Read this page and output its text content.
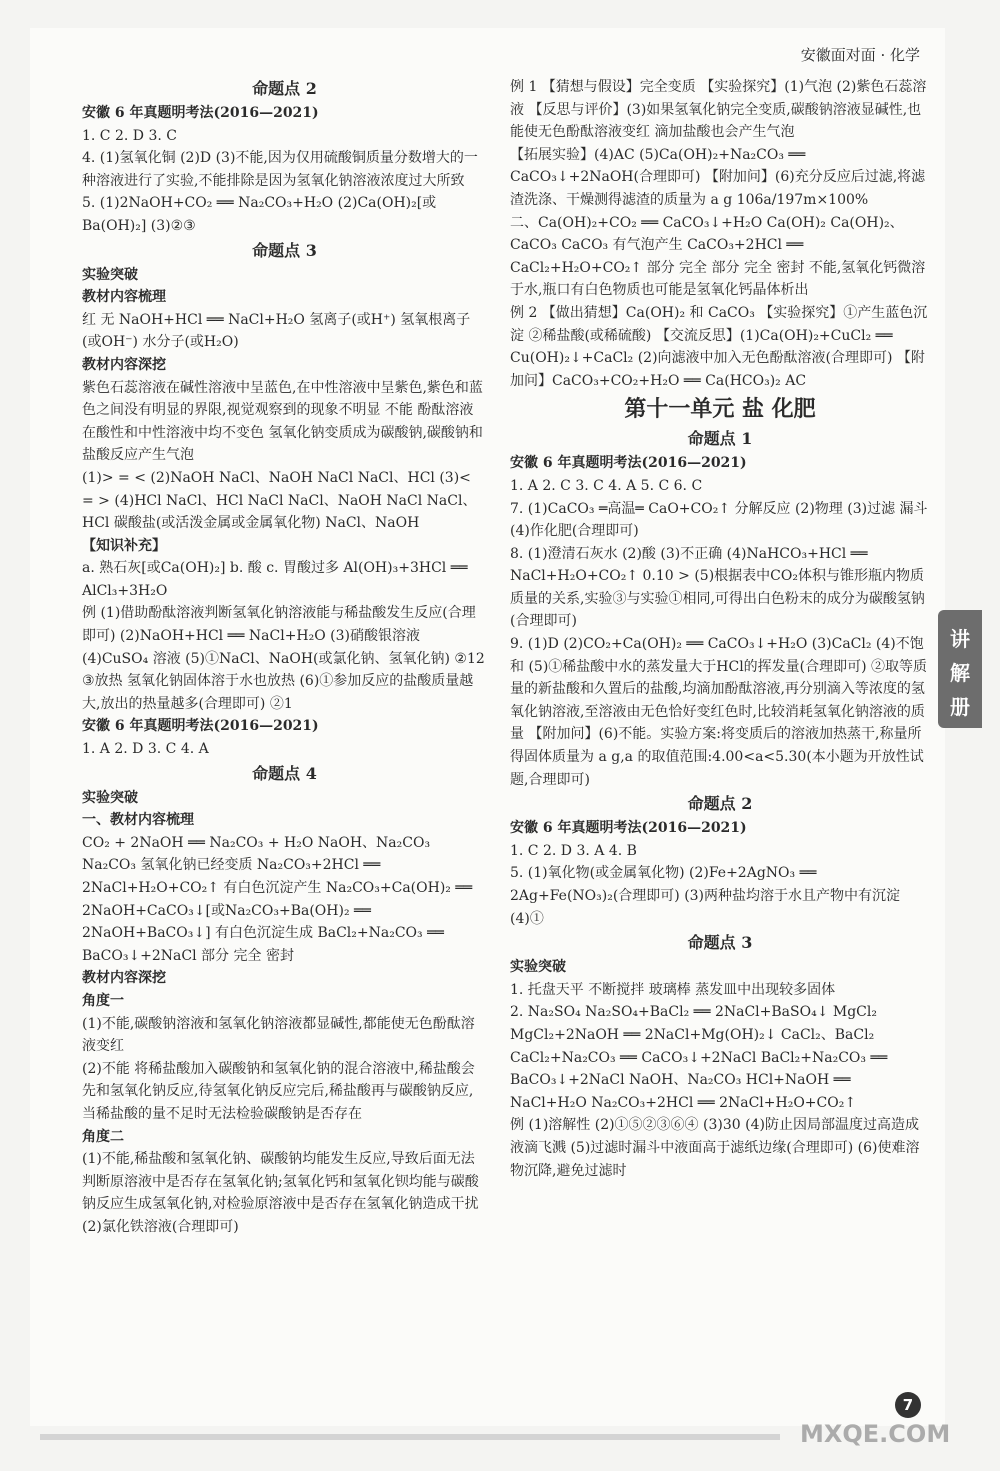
安徽面对面 · 化学

命题点 2

安徽 6 年真题明考法(2016—2021)

1. C 2. D 3. C

4. (1)氢氧化铜 (2)D (3)不能,因为仅用硫酸铜质量分数增大的一种溶液进行了实验,不能排除是因为氢氧化钠溶液浓度过大所致

5. (1)2NaOH+CO₂ ══ Na₂CO₃+H₂O (2)Ca(OH)₂[或Ba(OH)₂] (3)②③

命题点 3

实验突破

教材内容梳理

红 无 NaOH+HCl ══ NaCl+H₂O 氢离子(或H⁺) 氢氧根离子(或OH⁻) 水分子(或H₂O)

教材内容深挖

紫色石蕊溶液在碱性溶液中呈蓝色,在中性溶液中呈紫色,紫色和蓝色之间没有明显的界限,视觉观察到的现象不明显 不能 酚酞溶液在酸性和中性溶液中均不变色 氢氧化钠变质成为碳酸钠,碳酸钠和盐酸反应产生气泡

(1)> = < (2)NaOH NaCl、NaOH NaCl NaCl、HCl (3)< = > (4)HCl NaCl、HCl NaCl NaCl、NaOH NaCl NaCl、HCl 碳酸盐(或活泼金属或金属氧化物) NaCl、NaOH

【知识补充】

a. 熟石灰[或Ca(OH)₂] b. 酸 c. 胃酸过多 Al(OH)₃+3HCl ══ AlCl₃+3H₂O

例 (1)借助酚酞溶液判断氢氧化钠溶液能与稀盐酸发生反应(合理即可) (2)NaOH+HCl ══ NaCl+H₂O (3)硝酸银溶液 (4)CuSO₄ 溶液 (5)①NaCl、NaOH(或氯化钠、氢氧化钠) ②12 ③放热 氢氧化钠固体溶于水也放热 (6)①参加反应的盐酸质量越大,放出的热量越多(合理即可) ②1

安徽 6 年真题明考法(2016—2021)

1. A 2. D 3. C 4. A

命题点 4

实验突破

一、教材内容梳理

CO₂ + 2NaOH ══ Na₂CO₃ + H₂O NaOH、Na₂CO₃ Na₂CO₃ 氢氧化钠已经变质 Na₂CO₃+2HCl ══ 2NaCl+H₂O+CO₂↑ 有白色沉淀产生 Na₂CO₃+Ca(OH)₂ ══ 2NaOH+CaCO₃↓[或Na₂CO₃+Ba(OH)₂ ══ 2NaOH+BaCO₃↓] 有白色沉淀生成 BaCl₂+Na₂CO₃ ══ BaCO₃↓+2NaCl 部分 完全 密封

教材内容深挖

角度一

(1)不能,碳酸钠溶液和氢氧化钠溶液都显碱性,都能使无色酚酞溶液变红

(2)不能 将稀盐酸加入碳酸钠和氢氧化钠的混合溶液中,稀盐酸会先和氢氧化钠反应,待氢氧化钠反应完后,稀盐酸再与碳酸钠反应,当稀盐酸的量不足时无法检验碳酸钠是否存在

角度二

(1)不能,稀盐酸和氢氧化钠、碳酸钠均能发生反应,导致后面无法判断原溶液中是否存在氢氧化钠;氢氧化钙和氢氧化钡均能与碳酸钠反应生成氢氧化钠,对检验原溶液中是否存在氢氧化钠造成干扰

(2)氯化铁溶液(合理即可)

例 1 【猜想与假设】完全变质 【实验探究】(1)气泡 (2)紫色石蕊溶液 【反思与评价】(3)如果氢氧化钠完全变质,碳酸钠溶液显碱性,也能使无色酚酞溶液变红 滴加盐酸也会产生气泡

【拓展实验】(4)AC (5)Ca(OH)₂+Na₂CO₃ ══ CaCO₃↓+2NaOH(合理即可) 【附加问】(6)充分反应后过滤,将滤渣洗涤、干燥测得滤渣的质量为 a g 106a/197m×100%

二、Ca(OH)₂+CO₂ ══ CaCO₃↓+H₂O Ca(OH)₂ Ca(OH)₂、CaCO₃ CaCO₃ 有气泡产生 CaCO₃+2HCl ══ CaCl₂+H₂O+CO₂↑ 部分 完全 部分 完全 密封 不能,氢氧化钙微溶于水,瓶口有白色物质也可能是氢氧化钙晶体析出

例 2 【做出猜想】Ca(OH)₂ 和 CaCO₃ 【实验探究】①产生蓝色沉淀 ②稀盐酸(或稀硫酸) 【交流反思】(1)Ca(OH)₂+CuCl₂ ══ Cu(OH)₂↓+CaCl₂ (2)向滤液中加入无色酚酞溶液(合理即可) 【附加问】CaCO₃+CO₂+H₂O ══ Ca(HCO₃)₂ AC

第十一单元 盐 化肥

命题点 1

安徽 6 年真题明考法(2016—2021)

1. A 2. C 3. C 4. A 5. C 6. C

7. (1)CaCO₃ ═高温═ CaO+CO₂↑ 分解反应 (2)物理 (3)过滤 漏斗 (4)作化肥(合理即可)

8. (1)澄清石灰水 (2)酸 (3)不正确 (4)NaHCO₃+HCl ══ NaCl+H₂O+CO₂↑ 0.10 > (5)根据表中CO₂体积与锥形瓶内物质质量的关系,实验③与实验①相同,可得出白色粉末的成分为碳酸氢钠(合理即可)

9. (1)D (2)CO₂+Ca(OH)₂ ══ CaCO₃↓+H₂O (3)CaCl₂ (4)不饱和 (5)①稀盐酸中水的蒸发量大于HCl的挥发量(合理即可) ②取等质量的新盐酸和久置后的盐酸,均滴加酚酞溶液,再分别滴入等浓度的氢氧化钠溶液,至溶液由无色恰好变红色时,比较消耗氢氧化钠溶液的质量 【附加问】(6)不能。实验方案:将变质后的溶液加热蒸干,称量所得固体质量为 a g,a 的取值范围:4.00<a<5.30(本小题为开放性试题,合理即可)

命题点 2

安徽 6 年真题明考法(2016—2021)

1. C 2. D 3. A 4. B

5. (1)氧化物(或金属氧化物) (2)Fe+2AgNO₃ ══ 2Ag+Fe(NO₃)₂(合理即可) (3)两种盐均溶于水且产物中有沉淀 (4)①

命题点 3

实验突破

1. 托盘天平 不断搅拌 玻璃棒 蒸发皿中出现较多固体

2. Na₂SO₄ Na₂SO₄+BaCl₂ ══ 2NaCl+BaSO₄↓ MgCl₂ MgCl₂+2NaOH ══ 2NaCl+Mg(OH)₂↓ CaCl₂、BaCl₂ CaCl₂+Na₂CO₃ ══ CaCO₃↓+2NaCl BaCl₂+Na₂CO₃ ══ BaCO₃↓+2NaCl NaOH、Na₂CO₃ HCl+NaOH ══ NaCl+H₂O Na₂CO₃+2HCl ══ 2NaCl+H₂O+CO₂↑

例 (1)溶解性 (2)①⑤②③⑥④ (3)30 (4)防止因局部温度过高造成液滴飞溅 (5)过滤时漏斗中液面高于滤纸边缘(合理即可) (6)使难溶物沉降,避免过滤时

讲
解
册
7
MXQE.COM
